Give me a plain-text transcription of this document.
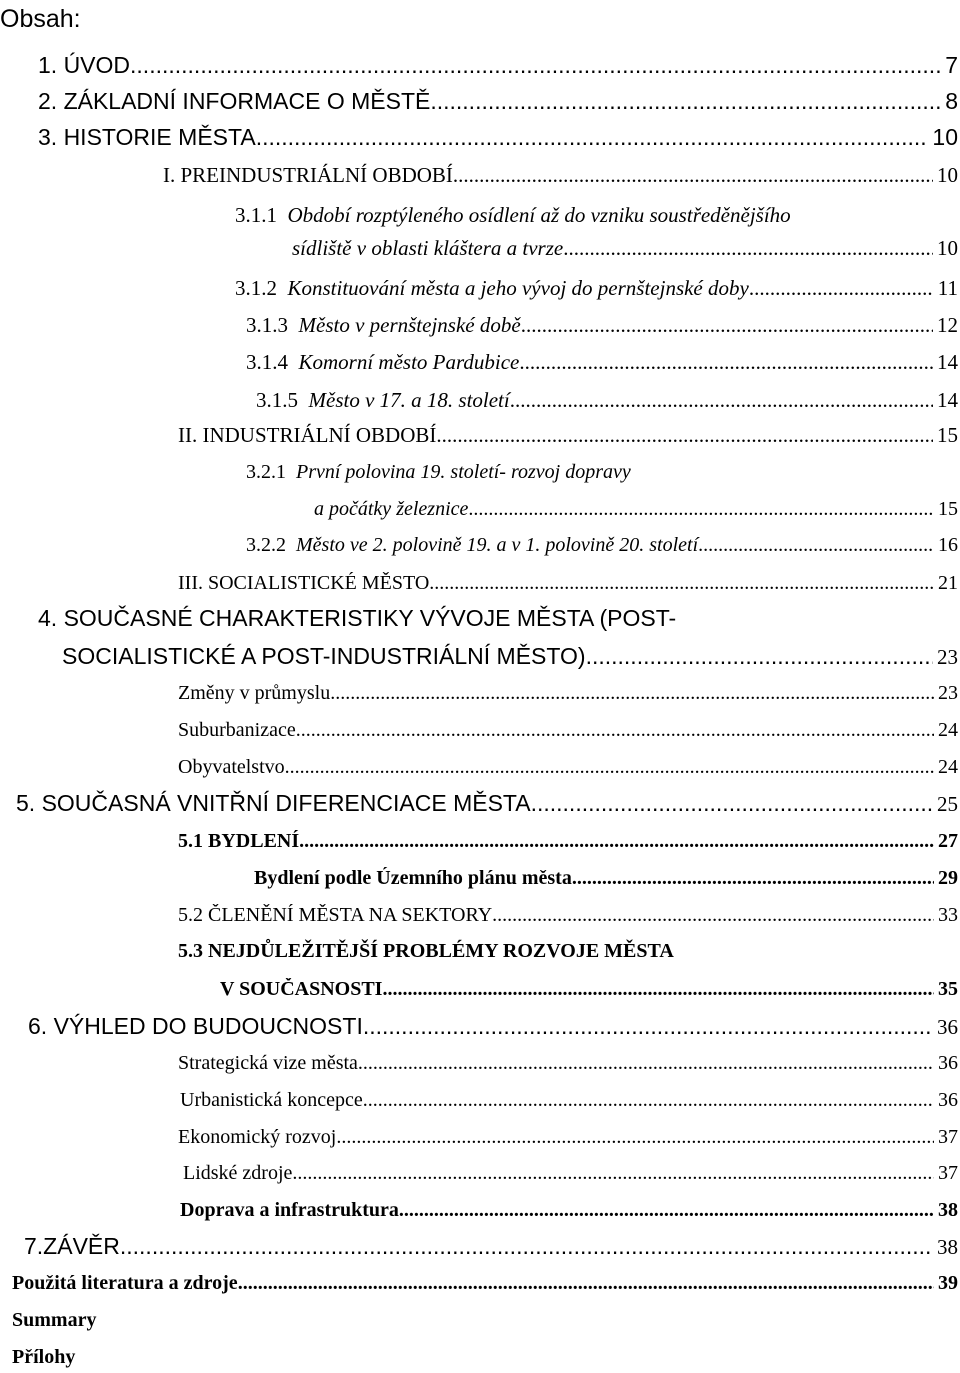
Obsah:
1. ÚVOD .....	7
2. ZÁKLADNÍ INFORMACE O MĚSTĚ .....	8
3. HISTORIE MĚSTA .....	10
I. PREINDUSTRIÁLNÍ OBDOBÍ .....	10
3.1.1 Období rozptýleného osídlení až do vzniku soustředěnějšího
sídliště v oblasti kláštera a tvrze .....	10
3.1.2 Konstituování města a jeho vývoj do pernštejnské doby .....	11
3.1.3 Město v pernštejnské době .....	12
3.1.4 Komorní město Pardubice .....	14
3.1.5 Město v 17. a 18. století .....	14
II. INDUSTRIÁLNÍ OBDOBÍ .....	15
3.2.1 První polovina 19. století- rozvoj dopravy
a počátky železnice .....	15
3.2.2 Město ve 2. polovině 19. a v 1. polovině 20. století .....	16
III. SOCIALISTICKÉ MĚSTO .....	21
4. SOUČASNÉ CHARAKTERISTIKY VÝVOJE MĚSTA (POST-
SOCIALISTICKÉ A POST-INDUSTRIÁLNÍ MĚSTO) .....	23
Změny v průmyslu .....	23
Suburbanizace .....	24
Obyvatelstvo .....	24
5. SOUČASNÁ VNITŘNÍ DIFERENCIACE MĚSTA .....	25
5.1 BYDLENÍ .....	27
Bydlení podle Územního plánu města .....	29
5.2 ČLENĚNÍ MĚSTA NA SEKTORY .....	33
5.3 NEJDŮLEŽITĚJŠÍ PROBLÉMY ROZVOJE MĚSTA
V SOUČASNOSTI .....	35
6. VÝHLED DO BUDOUCNOSTI .....	36
Strategická vize města .....	36
Urbanistická koncepce .....	36
Ekonomický rozvoj .....	37
Lidské zdroje .....	37
Doprava a infrastruktura .....	38
7.ZÁVĚR .....	38
Použitá literatura a zdroje .....	39
Summary
Přílohy
